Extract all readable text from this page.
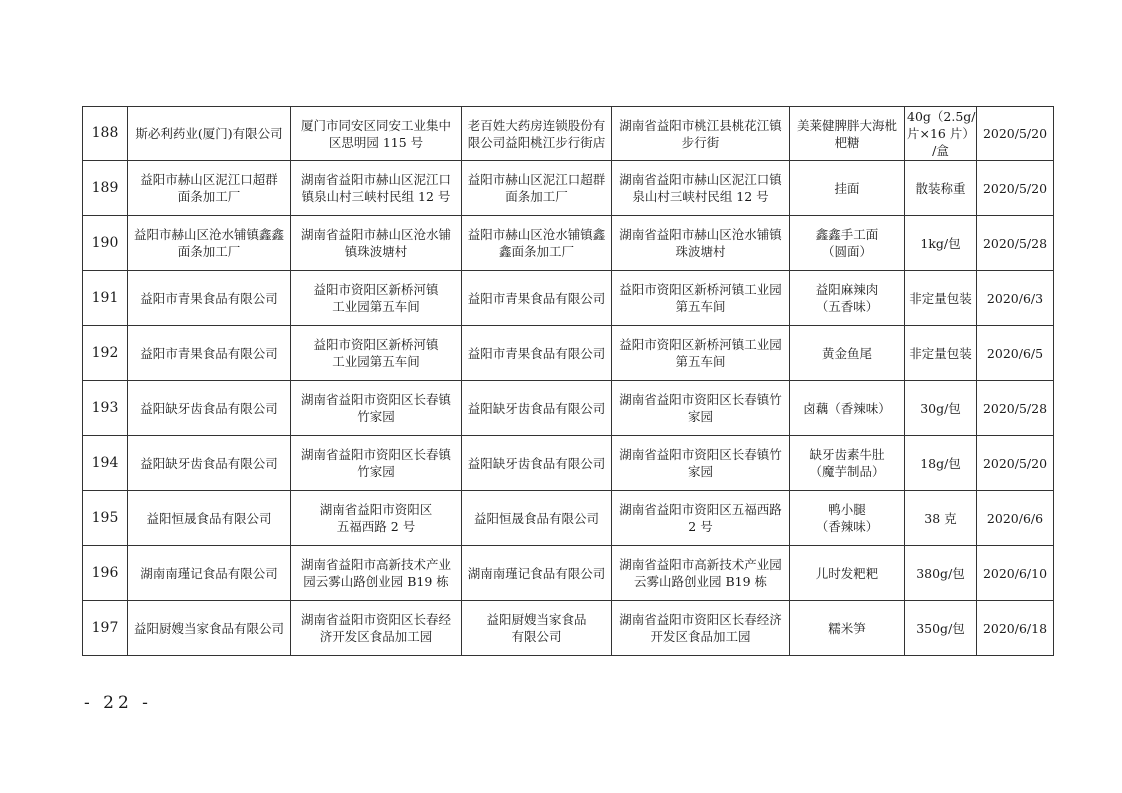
188	斯必利药业(厦门)有限公司	厦门市同安区同安工业集中
区思明园 115 号	老百姓大药房连锁股份有
限公司益阳桃江步行街店	湖南省益阳市桃江县桃花江镇
步行街	美莱健脾胖大海枇
杷糖	40g（2.5g/
片×16 片）
/盒	2020/5/20
189	益阳市赫山区泥江口超群
面条加工厂	湖南省益阳市赫山区泥江口
镇泉山村三峡村民组 12 号	益阳市赫山区泥江口超群
面条加工厂	湖南省益阳市赫山区泥江口镇
泉山村三峡村民组 12 号	挂面	散装称重	2020/5/20
190	益阳市赫山区沧水铺镇鑫鑫
面条加工厂	湖南省益阳市赫山区沧水铺
镇珠波塘村	益阳市赫山区沧水铺镇鑫
鑫面条加工厂	湖南省益阳市赫山区沧水铺镇
珠波塘村	鑫鑫手工面
（圆面）	1kg/包	2020/5/28
191	益阳市青果食品有限公司	益阳市资阳区新桥河镇
工业园第五车间	益阳市青果食品有限公司	益阳市资阳区新桥河镇工业园
第五车间	益阳麻辣肉
（五香味）	非定量包装	2020/6/3
192	益阳市青果食品有限公司	益阳市资阳区新桥河镇
工业园第五车间	益阳市青果食品有限公司	益阳市资阳区新桥河镇工业园
第五车间	黄金鱼尾	非定量包装	2020/6/5
193	益阳缺牙齿食品有限公司	湖南省益阳市资阳区长春镇
竹家园	益阳缺牙齿食品有限公司	湖南省益阳市资阳区长春镇竹
家园	卤藕（香辣味）	30g/包	2020/5/28
194	益阳缺牙齿食品有限公司	湖南省益阳市资阳区长春镇
竹家园	益阳缺牙齿食品有限公司	湖南省益阳市资阳区长春镇竹
家园	缺牙齿素牛肚
（魔芋制品）	18g/包	2020/5/20
195	益阳恒晟食品有限公司	湖南省益阳市资阳区
五福西路 2 号	益阳恒晟食品有限公司	湖南省益阳市资阳区五福西路
2 号	鸭小腿
（香辣味）	38 克	2020/6/6
196	湖南南瑾记食品有限公司	湖南省益阳市高新技术产业
园云雾山路创业园 B19 栋	湖南南瑾记食品有限公司	湖南省益阳市高新技术产业园
云雾山路创业园 B19 栋	儿时发粑粑	380g/包	2020/6/10
197	益阳厨嫂当家食品有限公司	湖南省益阳市资阳区长春经
济开发区食品加工园	益阳厨嫂当家食品
有限公司	湖南省益阳市资阳区长春经济
开发区食品加工园	糯米笋	350g/包	2020/6/18
- 22 -
